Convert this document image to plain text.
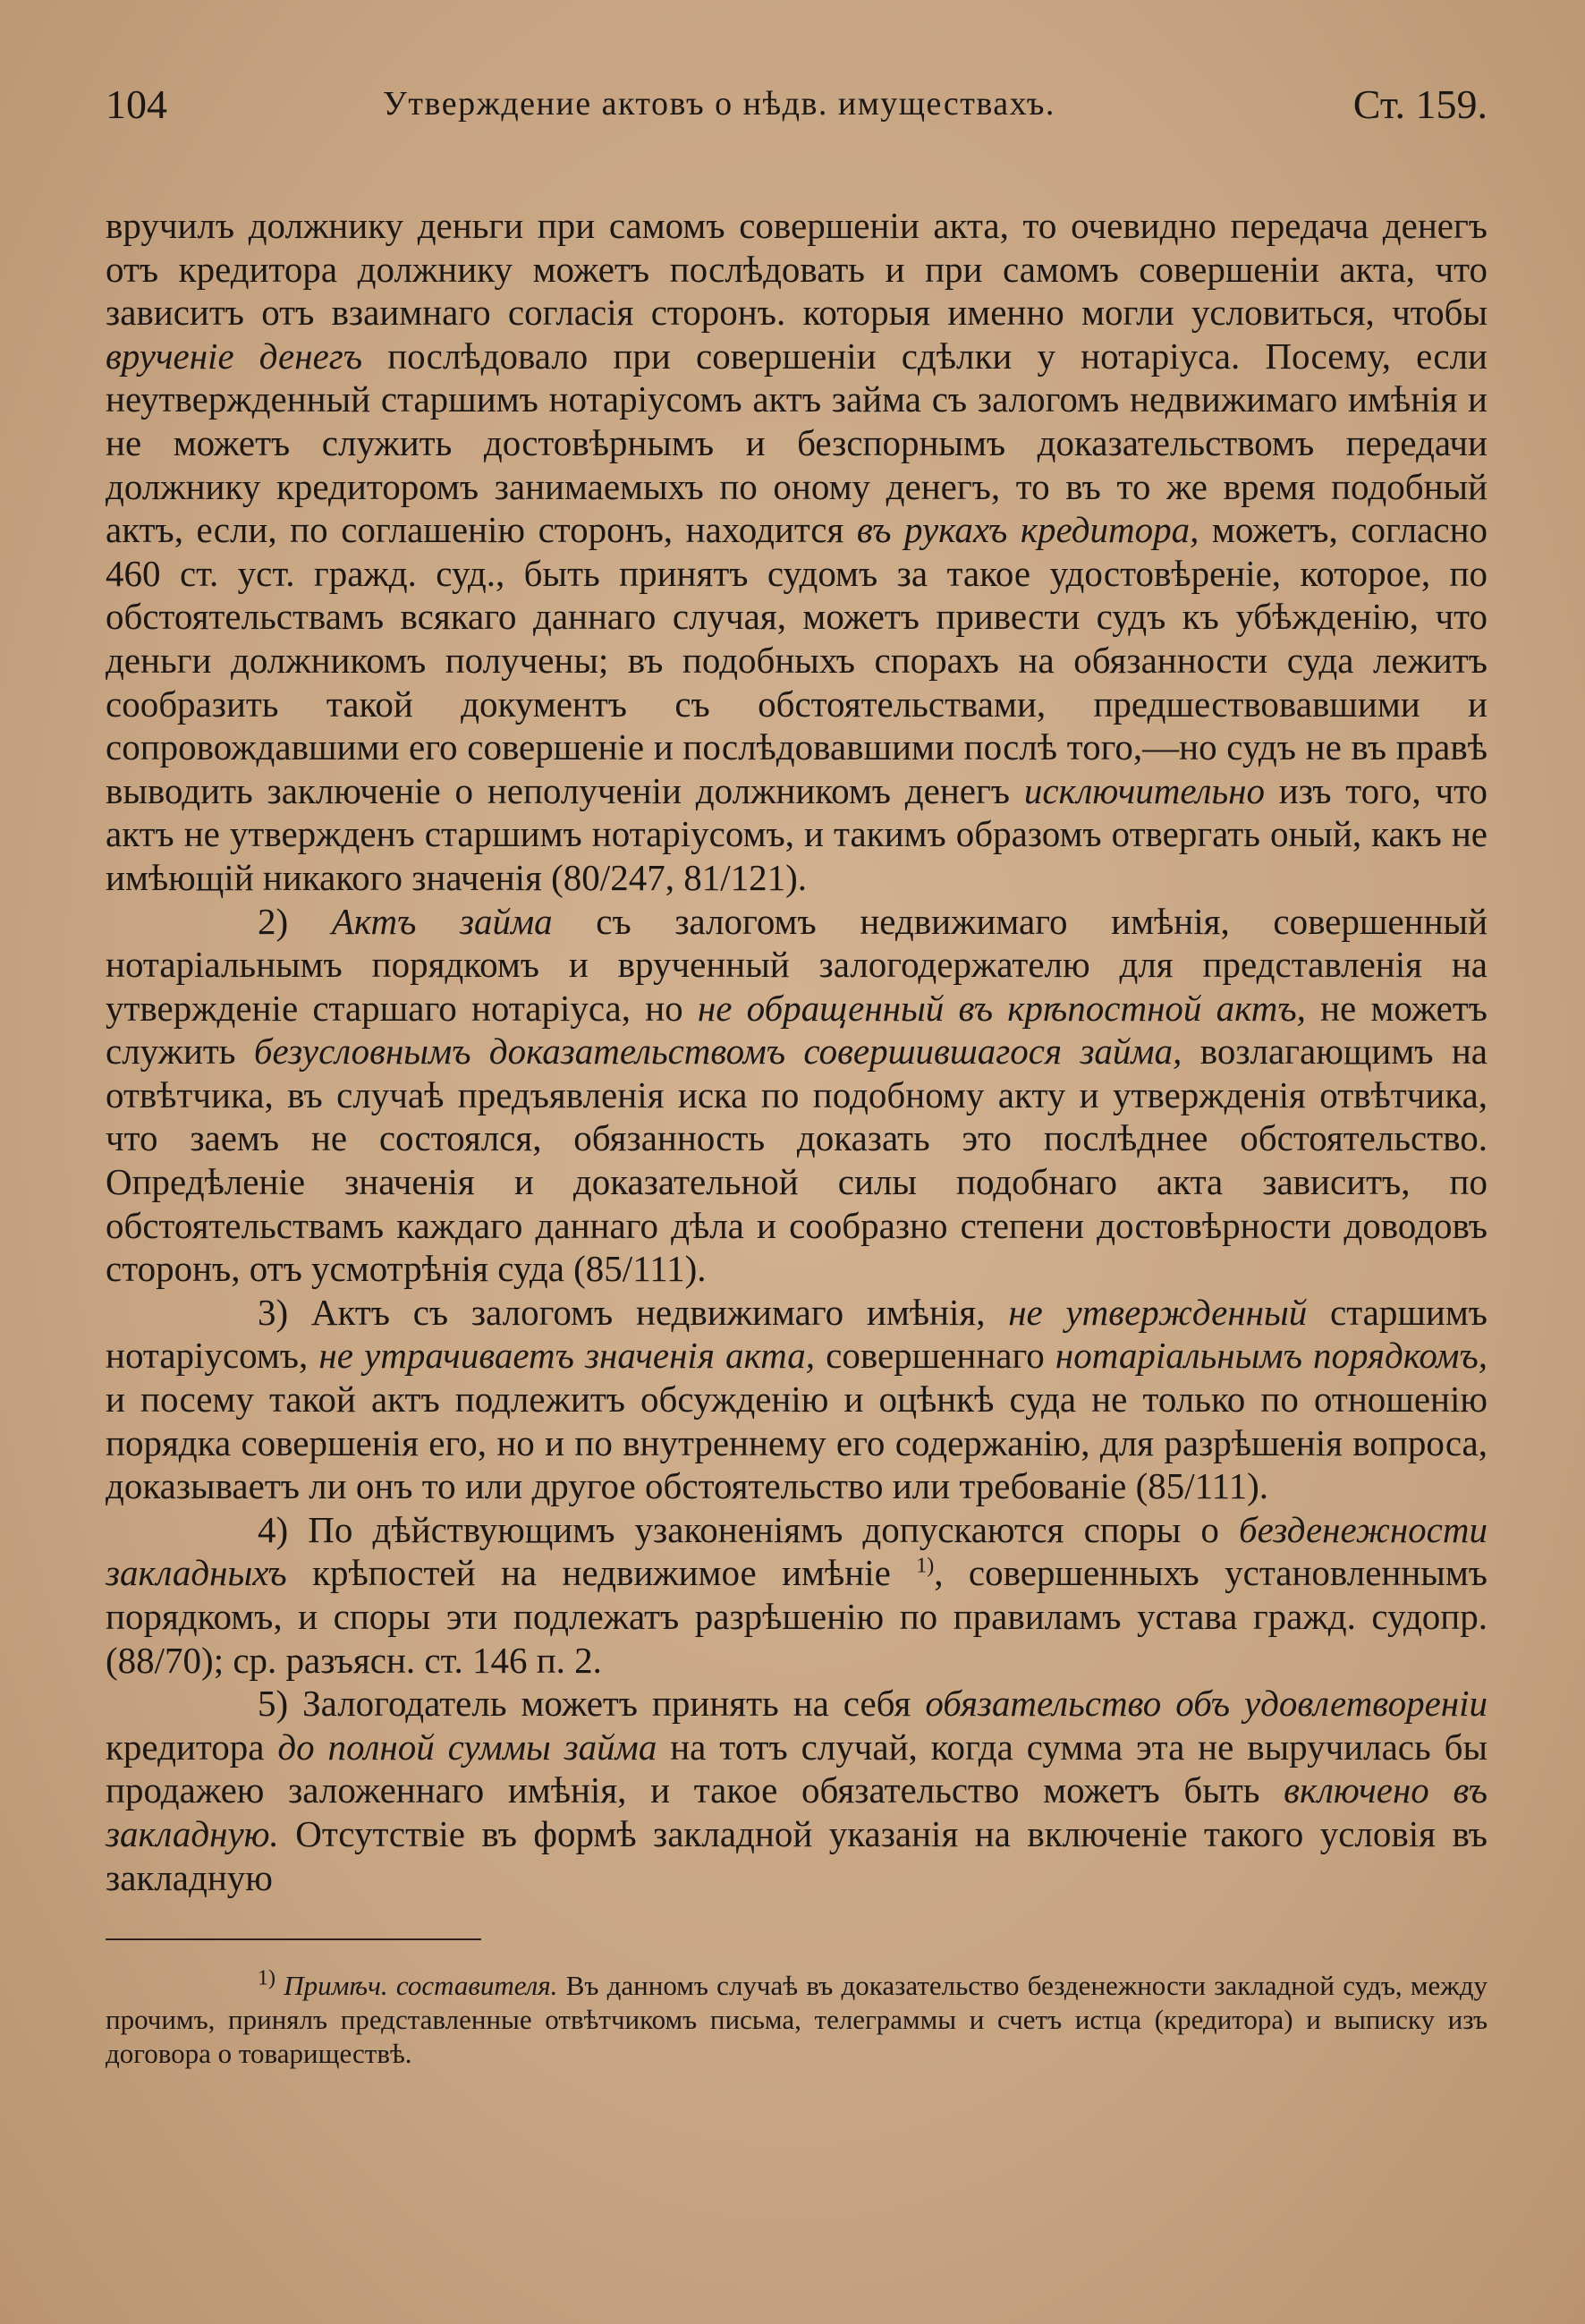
104	Утверждение актовъ о нѣдв. имуществахъ.	Ст. 159.

вручилъ должнику деньги при самомъ совершеніи акта, то очевидно передача денегъ отъ кредитора должнику можетъ послѣдовать и при самомъ совершеніи акта, что зависитъ отъ взаимнаго согласія сторонъ. которыя именно могли условиться, чтобы врученіе денегъ послѣдовало при совершеніи сдѣлки у нотаріуса. Посему, если неутвержденный старшимъ нотаріусомъ актъ займа съ залогомъ недвижимаго имѣнія и не можетъ служить достовѣрнымъ и безспорнымъ доказательствомъ передачи должнику кредиторомъ занимаемыхъ по оному денегъ, то въ то же время подобный актъ, если, по соглашенію сторонъ, находится въ рукахъ кредитора, можетъ, согласно 460 ст. уст. гражд. суд., быть принятъ судомъ за такое удостовѣреніе, которое, по обстоятельствамъ всякаго даннаго случая, можетъ привести судъ къ убѣжденію, что деньги должникомъ получены; въ подобныхъ спорахъ на обязанности суда лежитъ сообразить такой документъ съ обстоятельствами, предшествовавшими и сопровождавшими его совершеніе и послѣдовавшими послѣ того,—но судъ не въ правѣ выводить заключеніе о неполученіи должникомъ денегъ исключительно изъ того, что актъ не утвержденъ старшимъ нотаріусомъ, и такимъ образомъ отвергать оный, какъ не имѣющій никакого значенія (80/247, 81/121).

2) Актъ займа съ залогомъ недвижимаго имѣнія, совершенный нотаріальнымъ порядкомъ и врученный залогодержателю для представленія на утвержденіе старшаго нотаріуса, но не обращенный въ крѣпостной актъ, не можетъ служить безусловнымъ доказательствомъ совершившагося займа, возлагающимъ на отвѣтчика, въ случаѣ предъявленія иска по подобному акту и утвержденія отвѣтчика, что заемъ не состоялся, обязанность доказать это послѣднее обстоятельство. Опредѣленіе значенія и доказательной силы подобнаго акта зависитъ, по обстоятельствамъ каждаго даннаго дѣла и сообразно степени достовѣрности доводовъ сторонъ, отъ усмотрѣнія суда (85/111).

3) Актъ съ залогомъ недвижимаго имѣнія, не утвержденный старшимъ нотаріусомъ, не утрачиваетъ значенія акта, совершеннаго нотаріальнымъ порядкомъ, и посему такой актъ подлежитъ обсужденію и оцѣнкѣ суда не только по отношенію порядка совершенія его, но и по внутреннему его содержанію, для разрѣшенія вопроса, доказываетъ ли онъ то или другое обстоятельство или требованіе (85/111).

4) По дѣйствующимъ узаконеніямъ допускаются споры о безденежности закладныхъ крѣпостей на недвижимое имѣніе $^{1)}$, совершенныхъ установленнымъ порядкомъ, и споры эти подлежатъ разрѣшенію по правиламъ устава гражд. судопр. (88/70); ср. разъясн. ст. 146 п. 2.

5) Залогодатель можетъ принять на себя обязательство объ удовлетвореніи кредитора до полной суммы займа на тотъ случай, когда сумма эта не выручилась бы продажею заложеннаго имѣнія, и такое обязательство можетъ быть включено въ закладную. Отсутствіе въ формѣ закладной указанія на включеніе такого условія въ закладную

$^{1)}$ Примѣч. составителя. Въ данномъ случаѣ въ доказательство безденежности закладной судъ, между прочимъ, принялъ представленные отвѣтчикомъ письма, телеграммы и счетъ истца (кредитора) и выписку изъ договора о товариществѣ.
